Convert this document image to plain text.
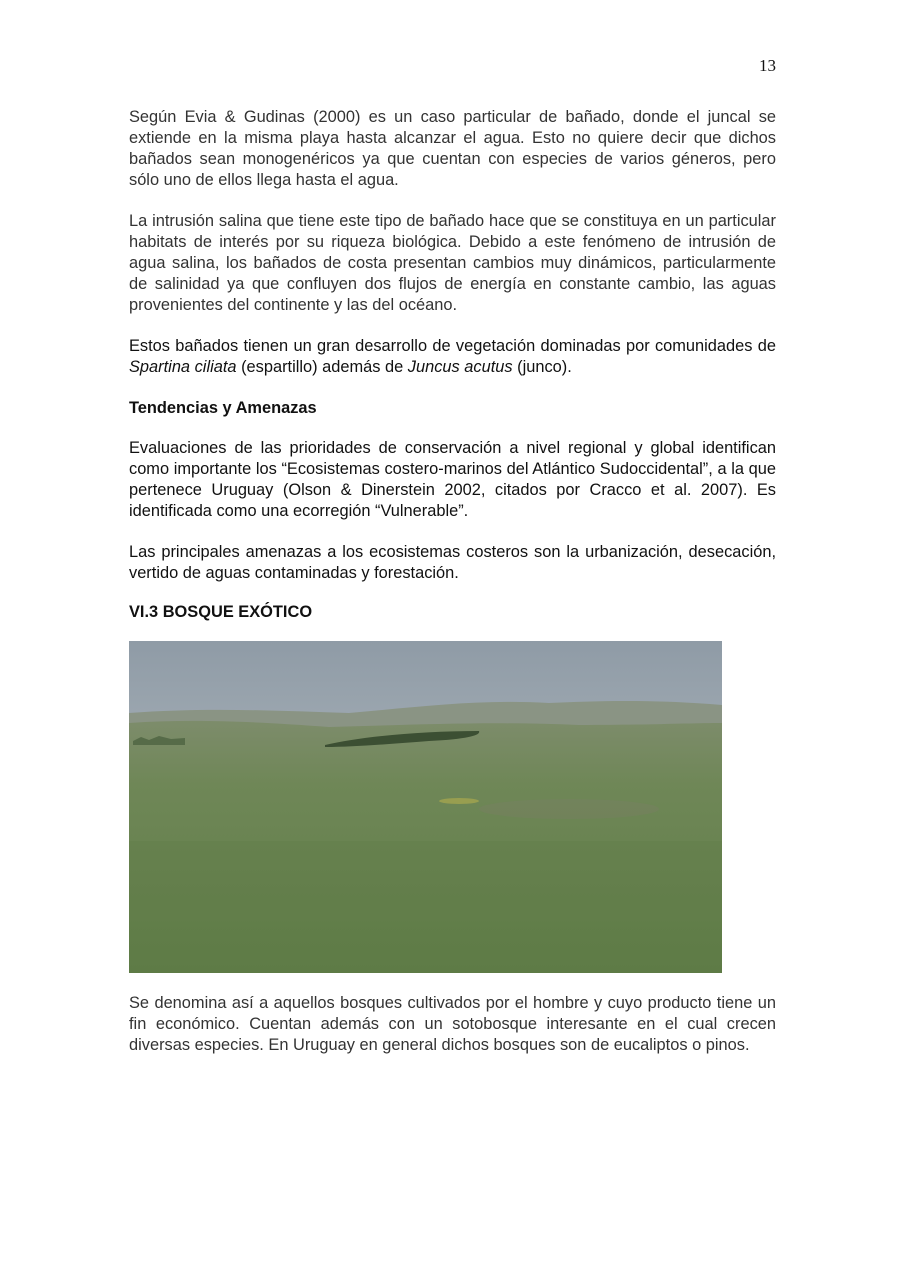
13

Según Evia & Gudinas (2000) es un caso particular de bañado, donde el juncal se extiende en la misma playa hasta alcanzar el agua. Esto no quiere decir que dichos bañados sean monogenéricos ya que cuentan con especies de varios géneros, pero sólo uno de ellos llega hasta el agua.

La intrusión salina que tiene este tipo de bañado hace que se constituya en un particular habitats de interés por su riqueza biológica. Debido a este fenómeno de intrusión de agua salina, los bañados de costa presentan cambios muy dinámicos, particularmente de salinidad ya que confluyen dos flujos de energía en constante cambio, las aguas provenientes del continente y las del océano.

Estos bañados tienen un gran desarrollo de vegetación dominadas por comunidades de Spartina ciliata (espartillo) además de Juncus acutus (junco).

Tendencias y Amenazas

Evaluaciones de las prioridades de conservación a nivel regional y global identifican como importante los “Ecosistemas costero-marinos del Atlántico Sudoccidental”, a la que pertenece Uruguay (Olson & Dinerstein 2002, citados por Cracco et al. 2007). Es identificada como una ecorregión “Vulnerable”.

Las principales amenazas a los ecosistemas costeros son la urbanización, desecación, vertido de aguas contaminadas y forestación.

VI.3 BOSQUE EXÓTICO

Se denomina así a aquellos bosques cultivados por el hombre y cuyo producto tiene un fin económico. Cuentan además con un sotobosque interesante en el cual crecen diversas especies. En Uruguay en general dichos bosques son de eucaliptos o pinos.
